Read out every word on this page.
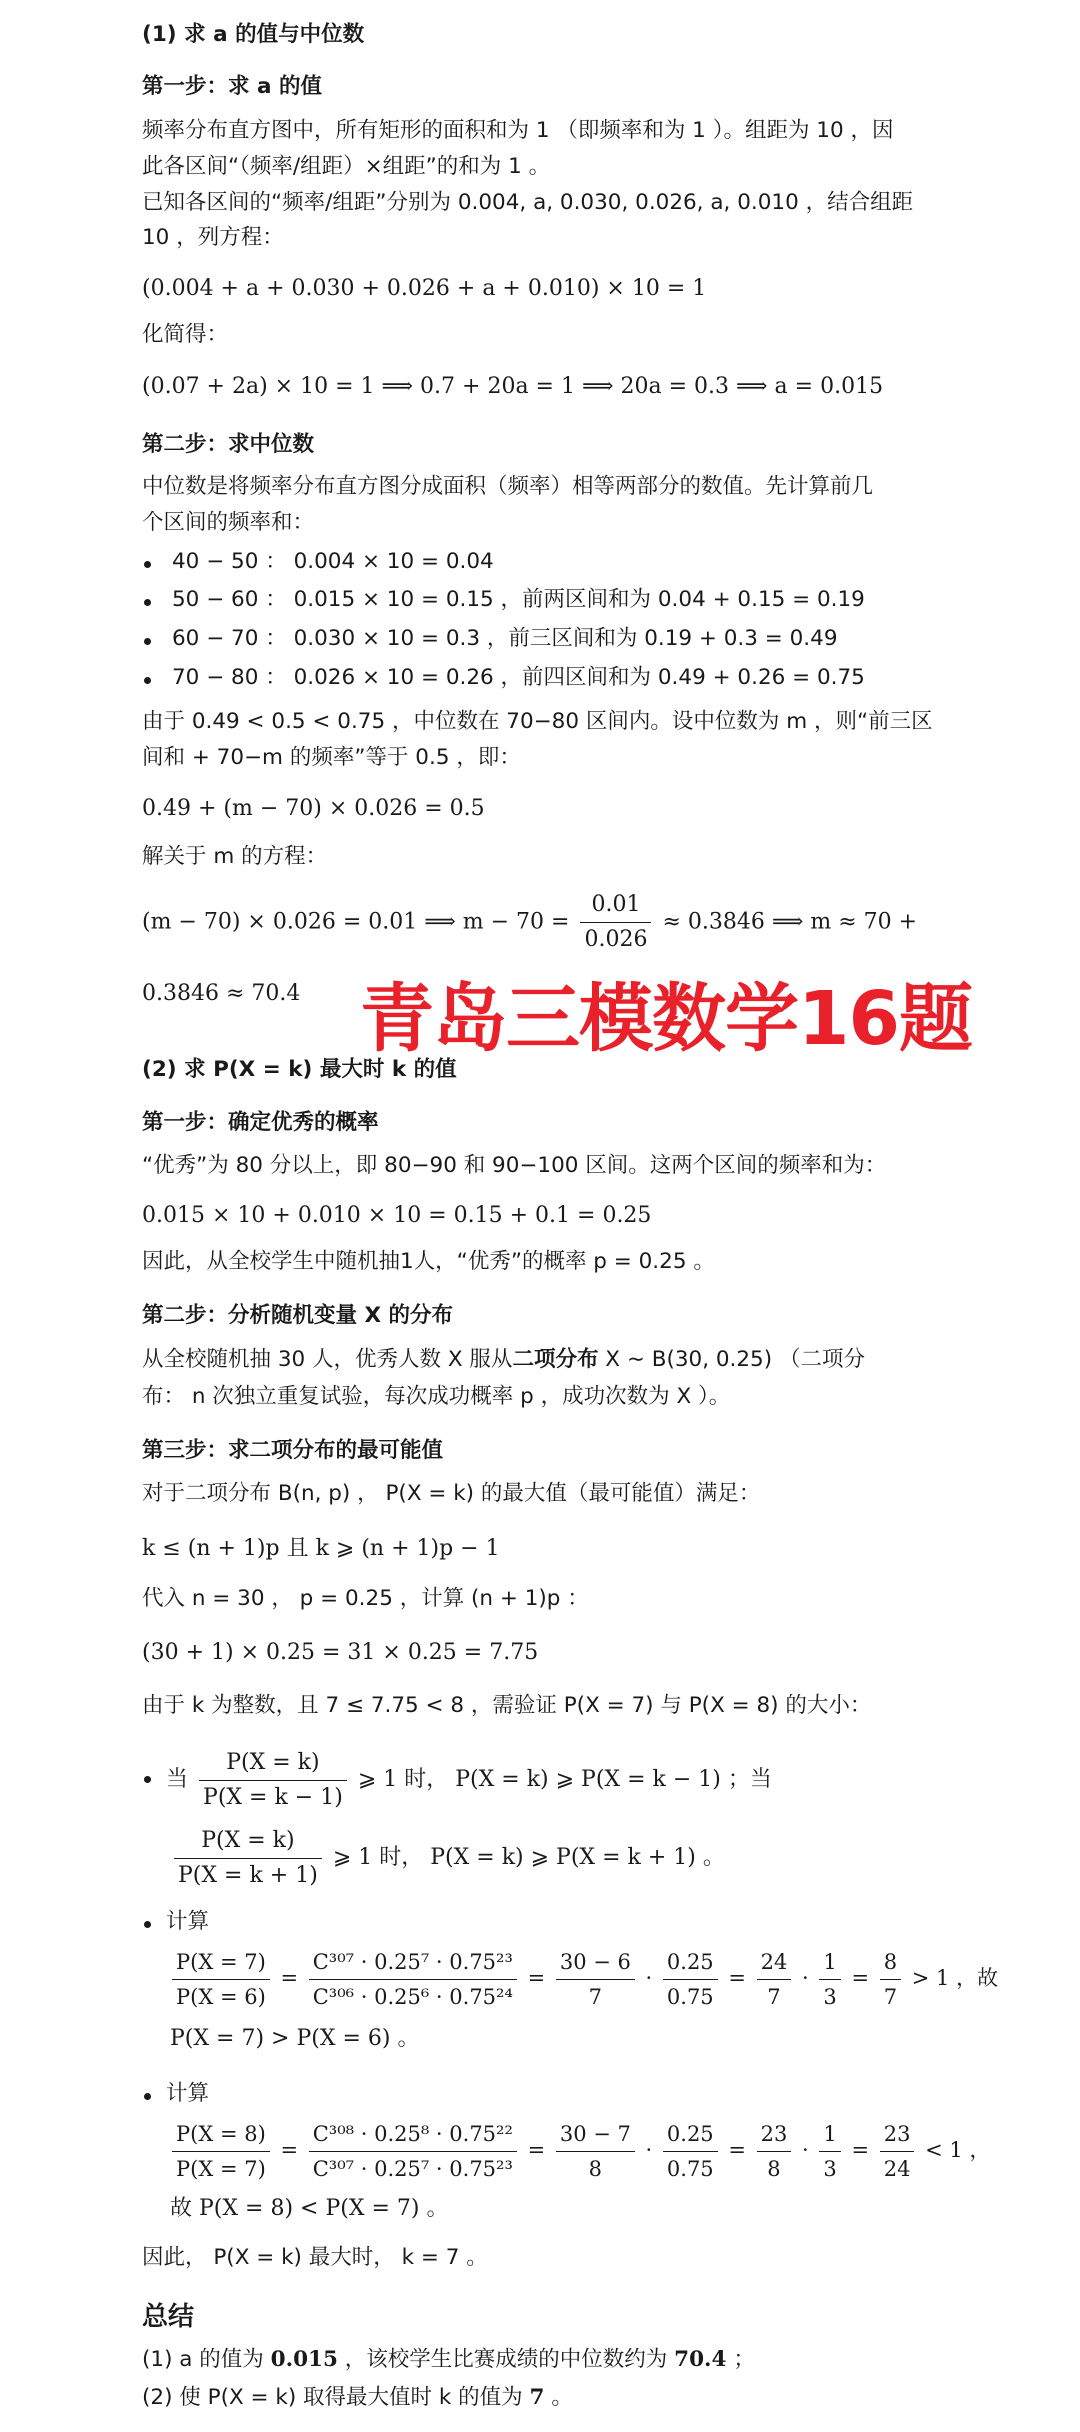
(1) 求 a 的值与中位数
第一步：求 a 的值
频率分布直方图中，所有矩形的面积和为 1 （即频率和为 1 ）。组距为 10 ，因
此各区间“（频率/组距）×组距”的和为 1 。
已知各区间的“频率/组距”分别为 0.004, a, 0.030, 0.026, a, 0.010 ，结合组距
10 ，列方程：
(0.004 + a + 0.030 + 0.026 + a + 0.010) × 10 = 1
化简得：
(0.07 + 2a) × 10 = 1 ⟹ 0.7 + 20a = 1 ⟹ 20a = 0.3 ⟹ a = 0.015
第二步：求中位数
中位数是将频率分布直方图分成面积（频率）相等两部分的数值。先计算前几
个区间的频率和：
40 − 50 ： 0.004 × 10 = 0.04
50 − 60 ： 0.015 × 10 = 0.15 ，前两区间和为 0.04 + 0.15 = 0.19
60 − 70 ： 0.030 × 10 = 0.3 ，前三区间和为 0.19 + 0.3 = 0.49
70 − 80 ： 0.026 × 10 = 0.26 ，前四区间和为 0.49 + 0.26 = 0.75
由于 0.49 < 0.5 < 0.75 ，中位数在 70−80 区间内。设中位数为 m ，则“前三区
间和 + 70−m 的频率”等于 0.5 ，即：
0.49 + (m − 70) × 0.026 = 0.5
解关于 m 的方程：
(m − 70) × 0.026 = 0.01 ⟹ $m - 70 = \frac{0.01}{0.026} \approx 0.3846$ ⟹ m ≈ 70 +
0.3846 ≈ 70.4 青岛三模数学16题
(2) 求 P(X = k) 最大时 k 的值
第一步：确定优秀的概率
“优秀”为 80 分以上，即 80−90 和 90−100 区间。这两个区间的频率和为：
0.015 × 10 + 0.010 × 10 = 0.15 + 0.1 = 0.25
因此，从全校学生中随机抽1人，“优秀”的概率 p = 0.25 。
第二步：分析随机变量 X 的分布
从全校随机抽 30 人，优秀人数 X 服从二项分布 X ∼ B(30, 0.25) （二项分
布： n 次独立重复试验，每次成功概率 p ，成功次数为 X ）。
第三步：求二项分布的最可能值
对于二项分布 B(n, p) ， P(X = k) 的最大值（最可能值）满足：
k ≤ (n + 1)p 且 k ⩾ (n + 1)p − 1
代入 n = 30 ， p = 0.25 ，计算 (n + 1)p ：
(30 + 1) × 0.25 = 31 × 0.25 = 7.75
由于 k 为整数，且 7 ≤ 7.75 < 8 ，需验证 P(X = 7) 与 P(X = 8) 的大小：
当 $\frac{P(X = k)}{P(X = k - 1)}$ ⩾ 1 时， P(X = k) ⩾ P(X = k − 1) ；当
$\frac{P(X = k)}{P(X = k + 1)}$ ⩾ 1 时， P(X = k) ⩾ P(X = k + 1) 。
计算
$\frac{P(X = 7)}{P(X = 6)} = \frac{\text{C³⁰⁷ · 0.25⁷ · 0.75²³}}{\text{C³⁰⁶ · 0.25⁶ · 0.75²⁴}} = \frac{30 - 6}{7} \cdot \frac{0.25}{0.75} = \frac{24}{7} \cdot \frac{1}{3} = \frac{8}{7} > 1$ ，故
P(X = 7) > P(X = 6) 。
计算
$\frac{P(X = 8)}{P(X = 7)} = \frac{\text{C³⁰⁸ · 0.25⁸ · 0.75²²}}{\text{C³⁰⁷ · 0.25⁷ · 0.75²³}} = \frac{30 - 7}{8} \cdot \frac{0.25}{0.75} = \frac{23}{8} \cdot \frac{1}{3} = \frac{23}{24} < 1$ ，
故 P(X = 8) < P(X = 7) 。
因此， P(X = k) 最大时， k = 7 。
总结
(1) a 的值为 0.015 ，该校学生比赛成绩的中位数约为 70.4 ；
(2) 使 P(X = k) 取得最大值时 k 的值为 7 。
